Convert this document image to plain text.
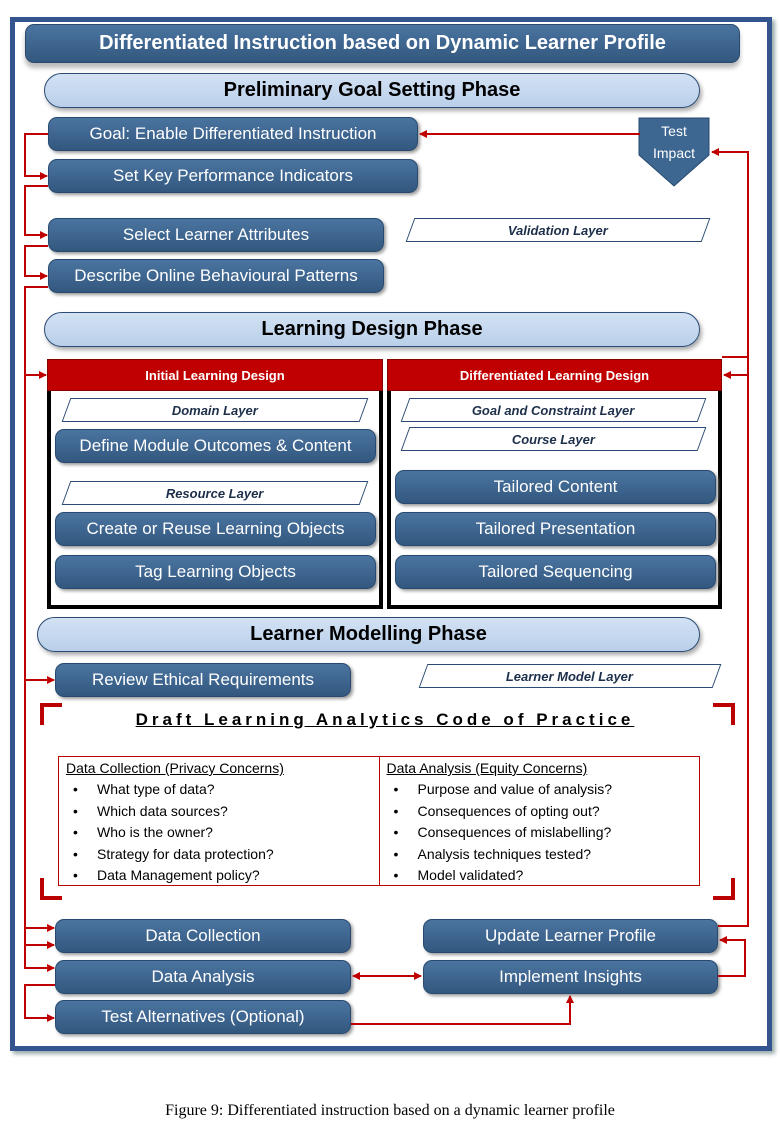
Differentiated Instruction based on Dynamic Learner Profile
Preliminary Goal Setting Phase
Goal: Enable Differentiated Instruction
Set Key Performance Indicators
Select Learner Attributes
Describe Online Behavioural Patterns
Test
Impact
Validation Layer
Learning Design Phase
Initial Learning Design	Differentiated Learning Design
Domain Layer
Define Module Outcomes & Content
Resource Layer
Create or Reuse Learning Objects
Tag Learning Objects
Goal and Constraint Layer
Course Layer
Tailored Content
Tailored Presentation
Tailored Sequencing
Learner Modelling Phase
Review Ethical Requirements	Learner Model Layer
Draft Learning Analytics Code of Practice
Data Collection (Privacy Concerns)
• What type of data?
• Which data sources?
• Who is the owner?
• Strategy for data protection?
• Data Management policy?
Data Analysis (Equity Concerns)
• Purpose and value of analysis?
• Consequences of opting out?
• Consequences of mislabelling?
• Analysis techniques tested?
• Model validated?
Data Collection
Data Analysis
Test Alternatives (Optional)
Update Learner Profile
Implement Insights
Figure 9: Differentiated instruction based on a dynamic learner profile
